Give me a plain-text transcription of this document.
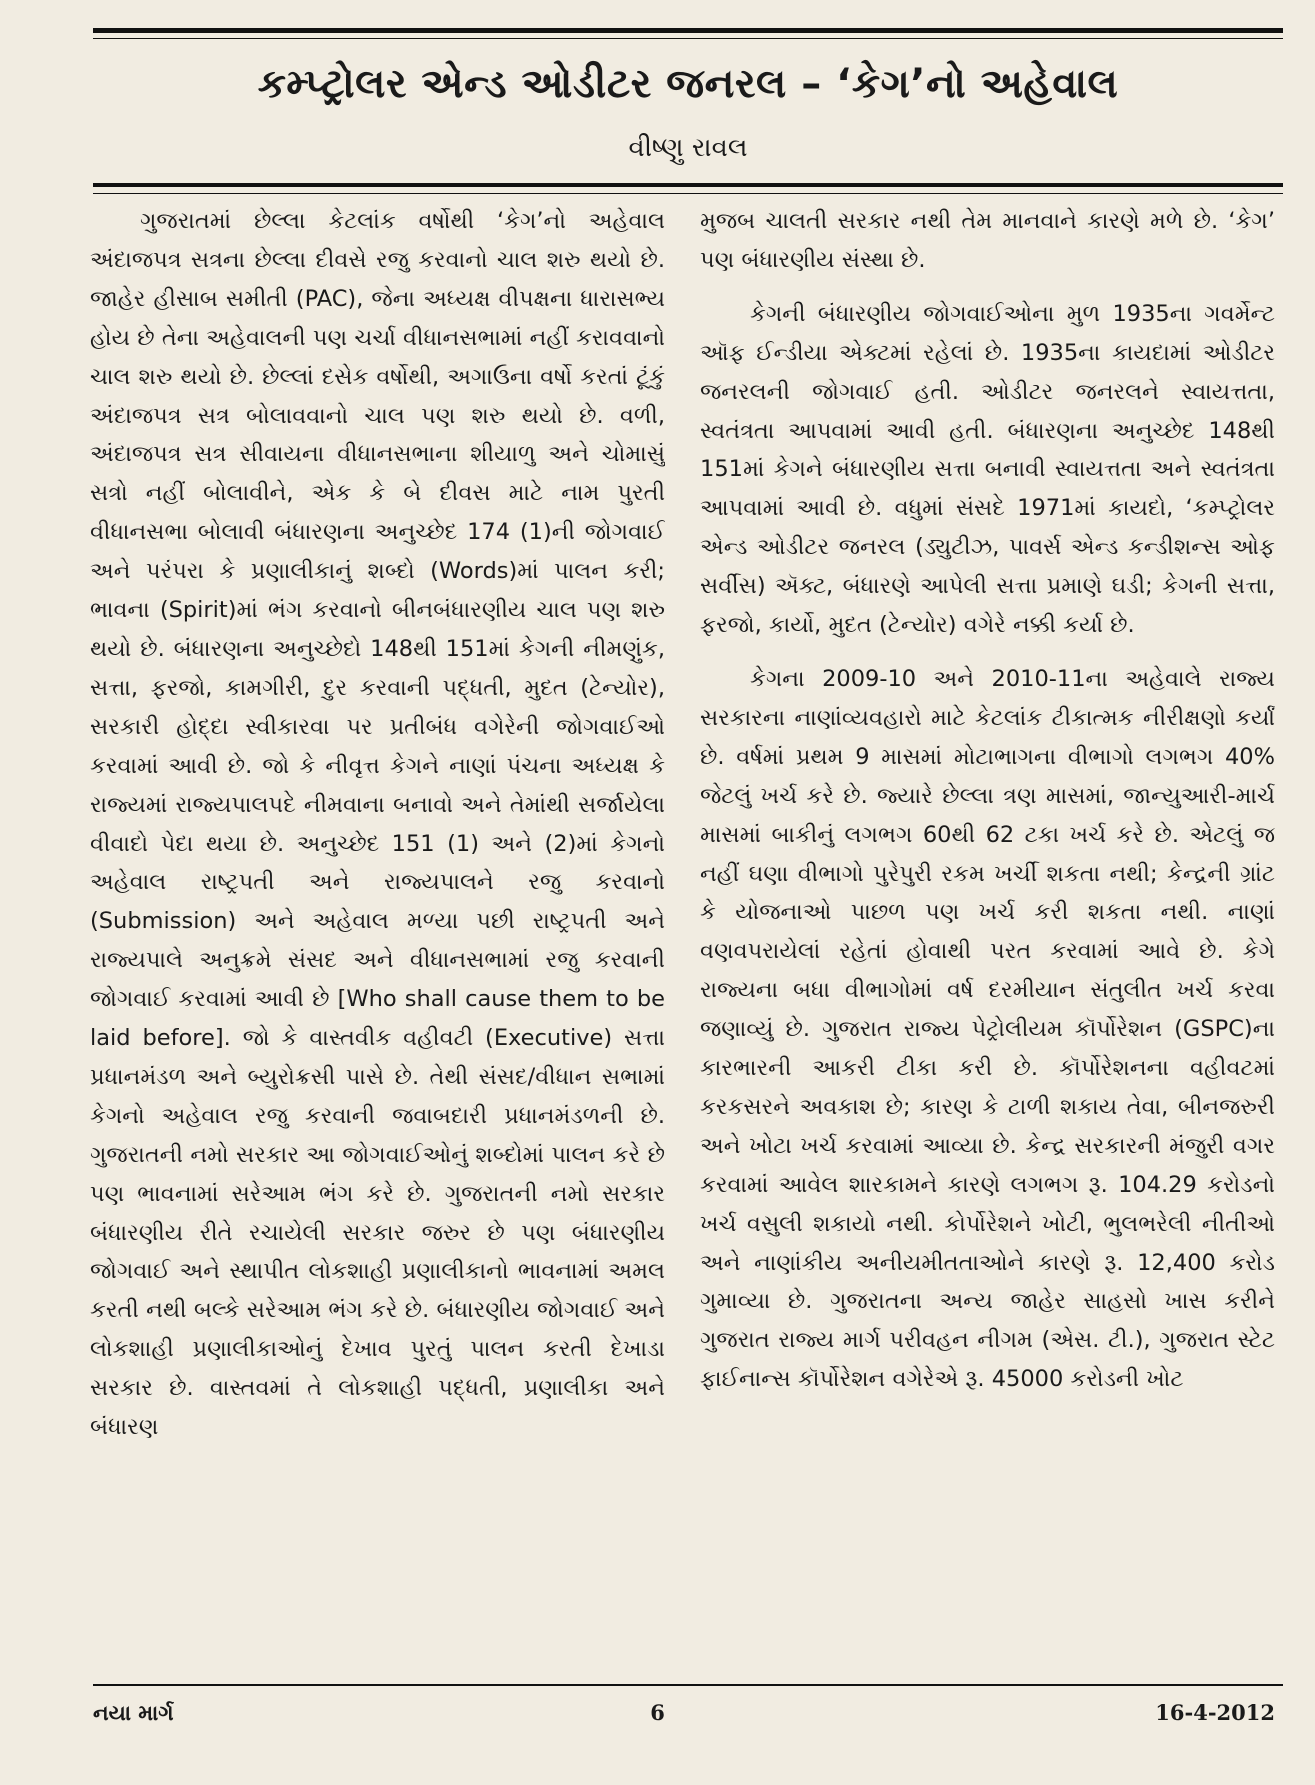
કમ્પ્ટ્રોલર એન્ડ ઓડીટર જનરલ – ‘કેગ’નો અહેવાલ
વીષ્ણુ રાવલ

ગુજરાતમાં છેલ્લા કેટલાંક વર્ષોથી ‘કેગ’નો અહેવાલ અંદાજપત્ર સત્રના છેલ્લા દીવસે રજુ કરવાનો ચાલ શરુ થયો છે. જાહેર હીસાબ સમીતી (PAC), જેના અધ્યક્ષ વીપક્ષના ધારાસભ્ય હોય છે તેના અહેવાલની પણ ચર્ચા વીધાનસભામાં નહીં કરાવવાનો ચાલ શરુ થયો છે. છેલ્લાં દસેક વર્ષોથી, અગાઉના વર્ષો કરતાં ટૂંકું અંદાજપત્ર સત્ર બોલાવવાનો ચાલ પણ શરુ થયો છે. વળી, અંદાજપત્ર સત્ર સીવાયના વીધાનસભાના શીયાળુ અને ચોમાસું સત્રો નહીં બોલાવીને, એક કે બે દીવસ માટે નામ પુરતી વીધાનસભા બોલાવી બંધારણના અનુચ્છેદ 174 (1)ની જોગવાઈ અને પરંપરા કે પ્રણાલીકાનું શબ્દો (Words)માં પાલન કરી; ભાવના (Spirit)માં ભંગ કરવાનો બીનબંધારણીય ચાલ પણ શરુ થયો છે. બંધારણના અનુચ્છેદો 148થી 151માં કેગની નીમણુંક, સત્તા, ફરજો, કામગીરી, દુર કરવાની પદ્ધતી, મુદત (ટેન્યોર), સરકારી હોદ્દા સ્વીકારવા પર પ્રતીબંધ વગેરેની જોગવાઈઓ કરવામાં આવી છે. જો કે નીવૃત્ત કેગને નાણાં પંચના અધ્યક્ષ કે રાજ્યમાં રાજ્યપાલપદે નીમવાના બનાવો અને તેમાંથી સર્જાયેલા વીવાદો પેદા થયા છે. અનુચ્છેદ 151 (1) અને (2)માં કેગનો અહેવાલ રાષ્ટ્રપતી અને રાજ્યપાલને રજુ કરવાનો (Submission) અને અહેવાલ મળ્યા પછી રાષ્ટ્રપતી અને રાજ્યપાલે અનુક્રમે સંસદ અને વીધાનસભામાં રજુ કરવાની જોગવાઈ કરવામાં આવી છે [Who shall cause them to be laid before]. જો કે વાસ્તવીક વહીવટી (Executive) સત્તા પ્રધાનમંડળ અને બ્યુરોક્રસી પાસે છે. તેથી સંસદ/વીધાન સભામાં કેગનો અહેવાલ રજુ કરવાની જવાબદારી પ્રધાનમંડળની છે. ગુજરાતની નમો સરકાર આ જોગવાઈઓનું શબ્દોમાં પાલન કરે છે પણ ભાવનામાં સરેઆમ ભંગ કરે છે. ગુજરાતની નમો સરકાર બંધારણીય રીતે રચાયેલી સરકાર જરુર છે પણ બંધારણીય જોગવાઈ અને સ્થાપીત લોકશાહી પ્રણાલીકાનો ભાવનામાં અમલ કરતી નથી બલ્કે સરેઆમ ભંગ કરે છે. બંધારણીય જોગવાઈ અને લોકશાહી પ્રણાલીકાઓનું દેખાવ પુરતું પાલન કરતી દેખાડા સરકાર છે. વાસ્તવમાં તે લોકશાહી પદ્ધતી, પ્રણાલીકા અને બંધારણ

મુજબ ચાલતી સરકાર નથી તેમ માનવાને કારણે મળે છે. ‘કેગ’ પણ બંધારણીય સંસ્થા છે.

કેગની બંધારણીય જોગવાઈઓના મુળ 1935ના ગવર્મેન્ટ ઑફ ઈન્ડીયા એક્ટમાં રહેલાં છે. 1935ના કાયદામાં ઓડીટર જનરલની જોગવાઈ હતી. ઓડીટર જનરલને સ્વાયત્તતા, સ્વતંત્રતા આપવામાં આવી હતી. બંધારણના અનુચ્છેદ 148થી 151માં કેગને બંધારણીય સત્તા બનાવી સ્વાયત્તતા અને સ્વતંત્રતા આપવામાં આવી છે. વધુમાં સંસદે 1971માં કાયદો, ‘કમ્પ્ટ્રોલર એન્ડ ઓડીટર જનરલ (ડ્યુટીઝ, પાવર્સ એન્ડ કન્ડીશન્સ ઓફ સર્વીસ) ઍક્ટ, બંધારણે આપેલી સત્તા પ્રમાણે ઘડી; કેગની સત્તા, ફરજો, કાર્યો, મુદત (ટેન્યોર) વગેરે નક્કી કર્યા છે.

કેગના 2009-10 અને 2010-11ના અહેવાલે રાજ્ય સરકારના નાણાંવ્યવહારો માટે કેટલાંક ટીકાત્મક નીરીક્ષણો કર્યાં છે. વર્ષમાં પ્રથમ 9 માસમાં મોટાભાગના વીભાગો લગભગ 40% જેટલું ખર્ચ કરે છે. જ્યારે છેલ્લા ત્રણ માસમાં, જાન્યુઆરી-માર્ચ માસમાં બાકીનું લગભગ 60થી 62 ટકા ખર્ચ કરે છે. એટલું જ નહીં ઘણા વીભાગો પુરેપુરી રકમ ખર્ચી શકતા નથી; કેન્દ્રની ગ્રાંટ કે યોજનાઓ પાછળ પણ ખર્ચ કરી શકતા નથી. નાણાં વણવપરાયેલાં રહેતાં હોવાથી પરત કરવામાં આવે છે. કેગે રાજ્યના બધા વીભાગોમાં વર્ષ દરમીયાન સંતુલીત ખર્ચ કરવા જણાવ્યું છે. ગુજરાત રાજ્ય પેટ્રોલીયમ કૉર્પોરેશન (GSPC)ના કારભારની આકરી ટીકા કરી છે. કૉર્પોરેશનના વહીવટમાં કરકસરને અવકાશ છે; કારણ કે ટાળી શકાય તેવા, બીનજરુરી અને ખોટા ખર્ચ કરવામાં આવ્યા છે. કેન્દ્ર સરકારની મંજુરી વગર કરવામાં આવેલ શારકામને કારણે લગભગ રૂ. 104.29 કરોડનો ખર્ચ વસુલી શકાયો નથી. કોર્પોરેશને ખોટી, ભુલભરેલી નીતીઓ અને નાણાંકીય અનીયમીતતાઓને કારણે રૂ. 12,400 કરોડ ગુમાવ્યા છે. ગુજરાતના અન્ય જાહેર સાહસો ખાસ કરીને ગુજરાત રાજ્ય માર્ગ પરીવહન નીગમ (એસ. ટી.), ગુજરાત સ્ટેટ ફાઈનાન્સ કૉર્પોરેશન વગેરેએ રૂ. 45000 કરોડની ખોટ

નયા માર્ગ	6	16-4-2012
